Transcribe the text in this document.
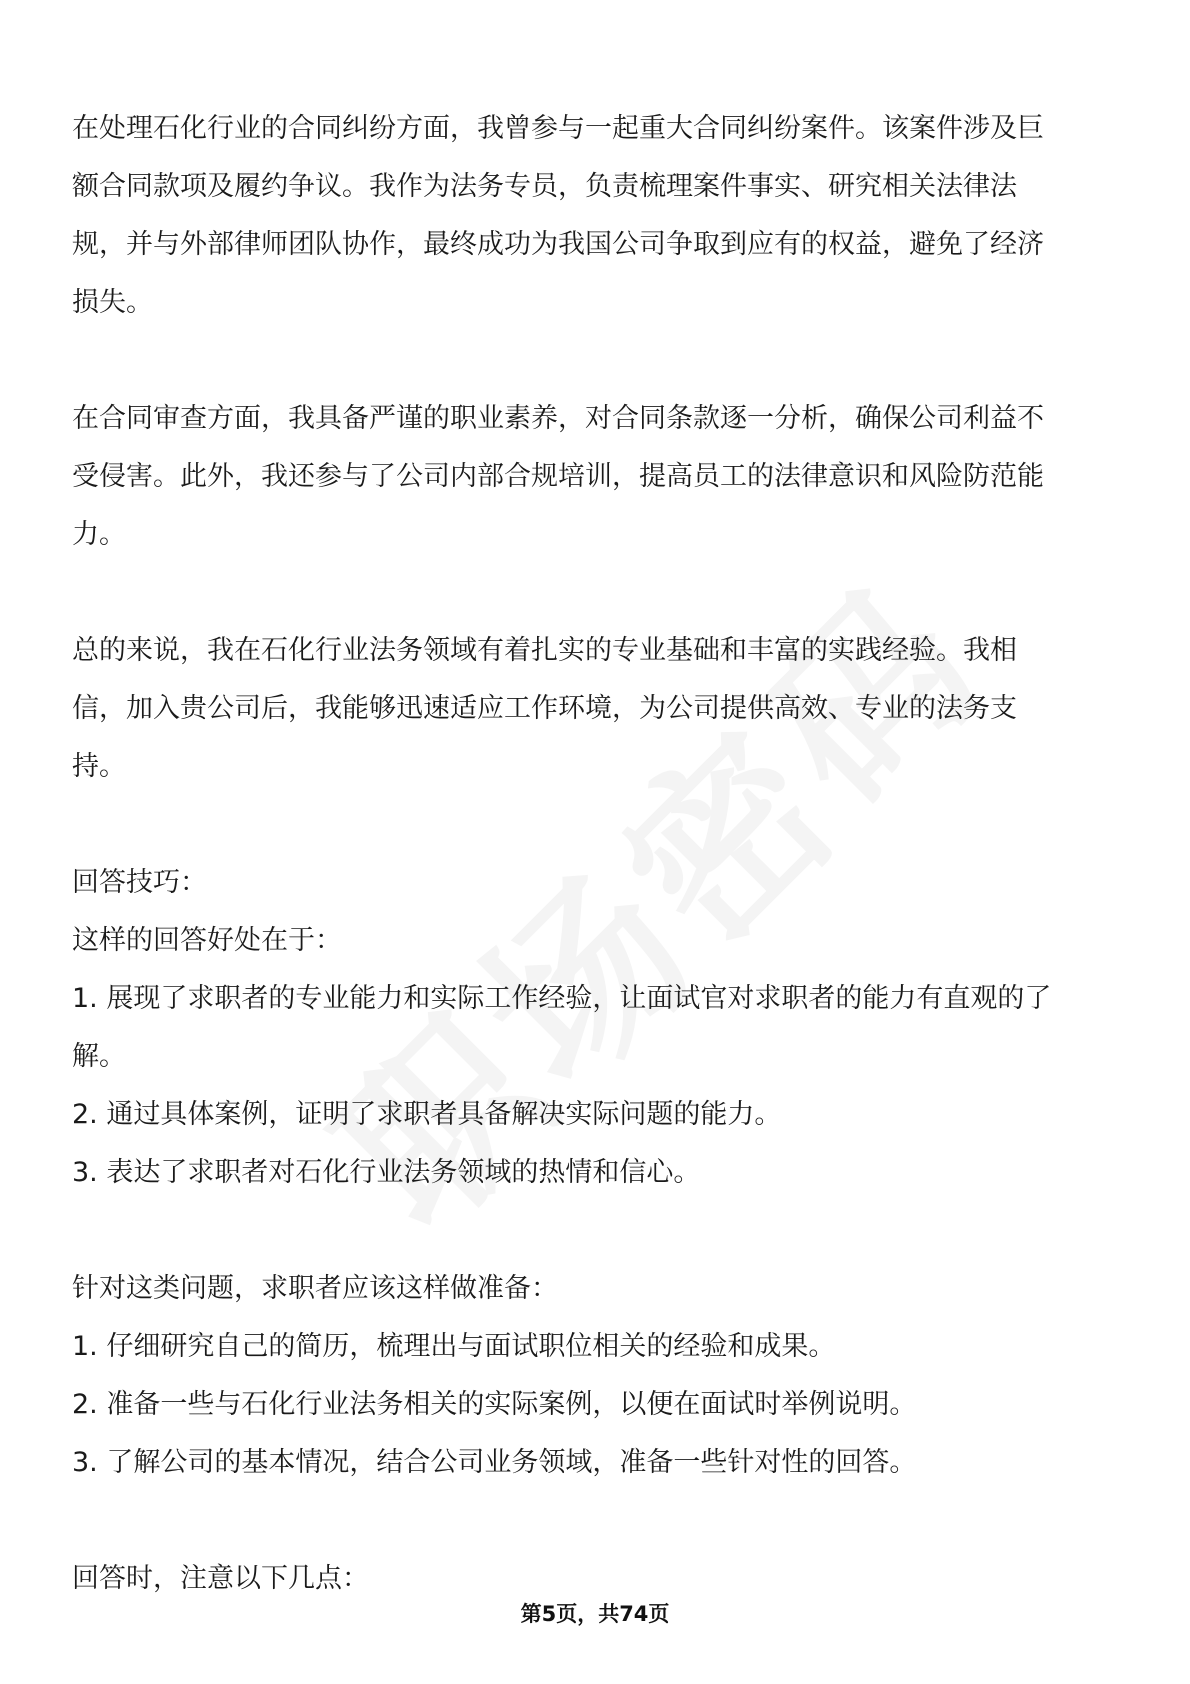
在处理石化行业的合同纠纷方面，我曾参与一起重大合同纠纷案件。该案件涉及巨

额合同款项及履约争议。我作为法务专员，负责梳理案件事实、研究相关法律法

规，并与外部律师团队协作，最终成功为我国公司争取到应有的权益，避免了经济

损失。

在合同审查方面，我具备严谨的职业素养，对合同条款逐一分析，确保公司利益不

受侵害。此外，我还参与了公司内部合规培训，提高员工的法律意识和风险防范能

力。

总的来说，我在石化行业法务领域有着扎实的专业基础和丰富的实践经验。我相

信，加入贵公司后，我能够迅速适应工作环境，为公司提供高效、专业的法务支

持。

回答技巧：

这样的回答好处在于：

1. 展现了求职者的专业能力和实际工作经验，让面试官对求职者的能力有直观的了

解。

2. 通过具体案例，证明了求职者具备解决实际问题的能力。

3. 表达了求职者对石化行业法务领域的热情和信心。

针对这类问题，求职者应该这样做准备：

1. 仔细研究自己的简历，梳理出与面试职位相关的经验和成果。

2. 准备一些与石化行业法务相关的实际案例，以便在面试时举例说明。

3. 了解公司的基本情况，结合公司业务领域，准备一些针对性的回答。

回答时，注意以下几点：

第5页，共74页
